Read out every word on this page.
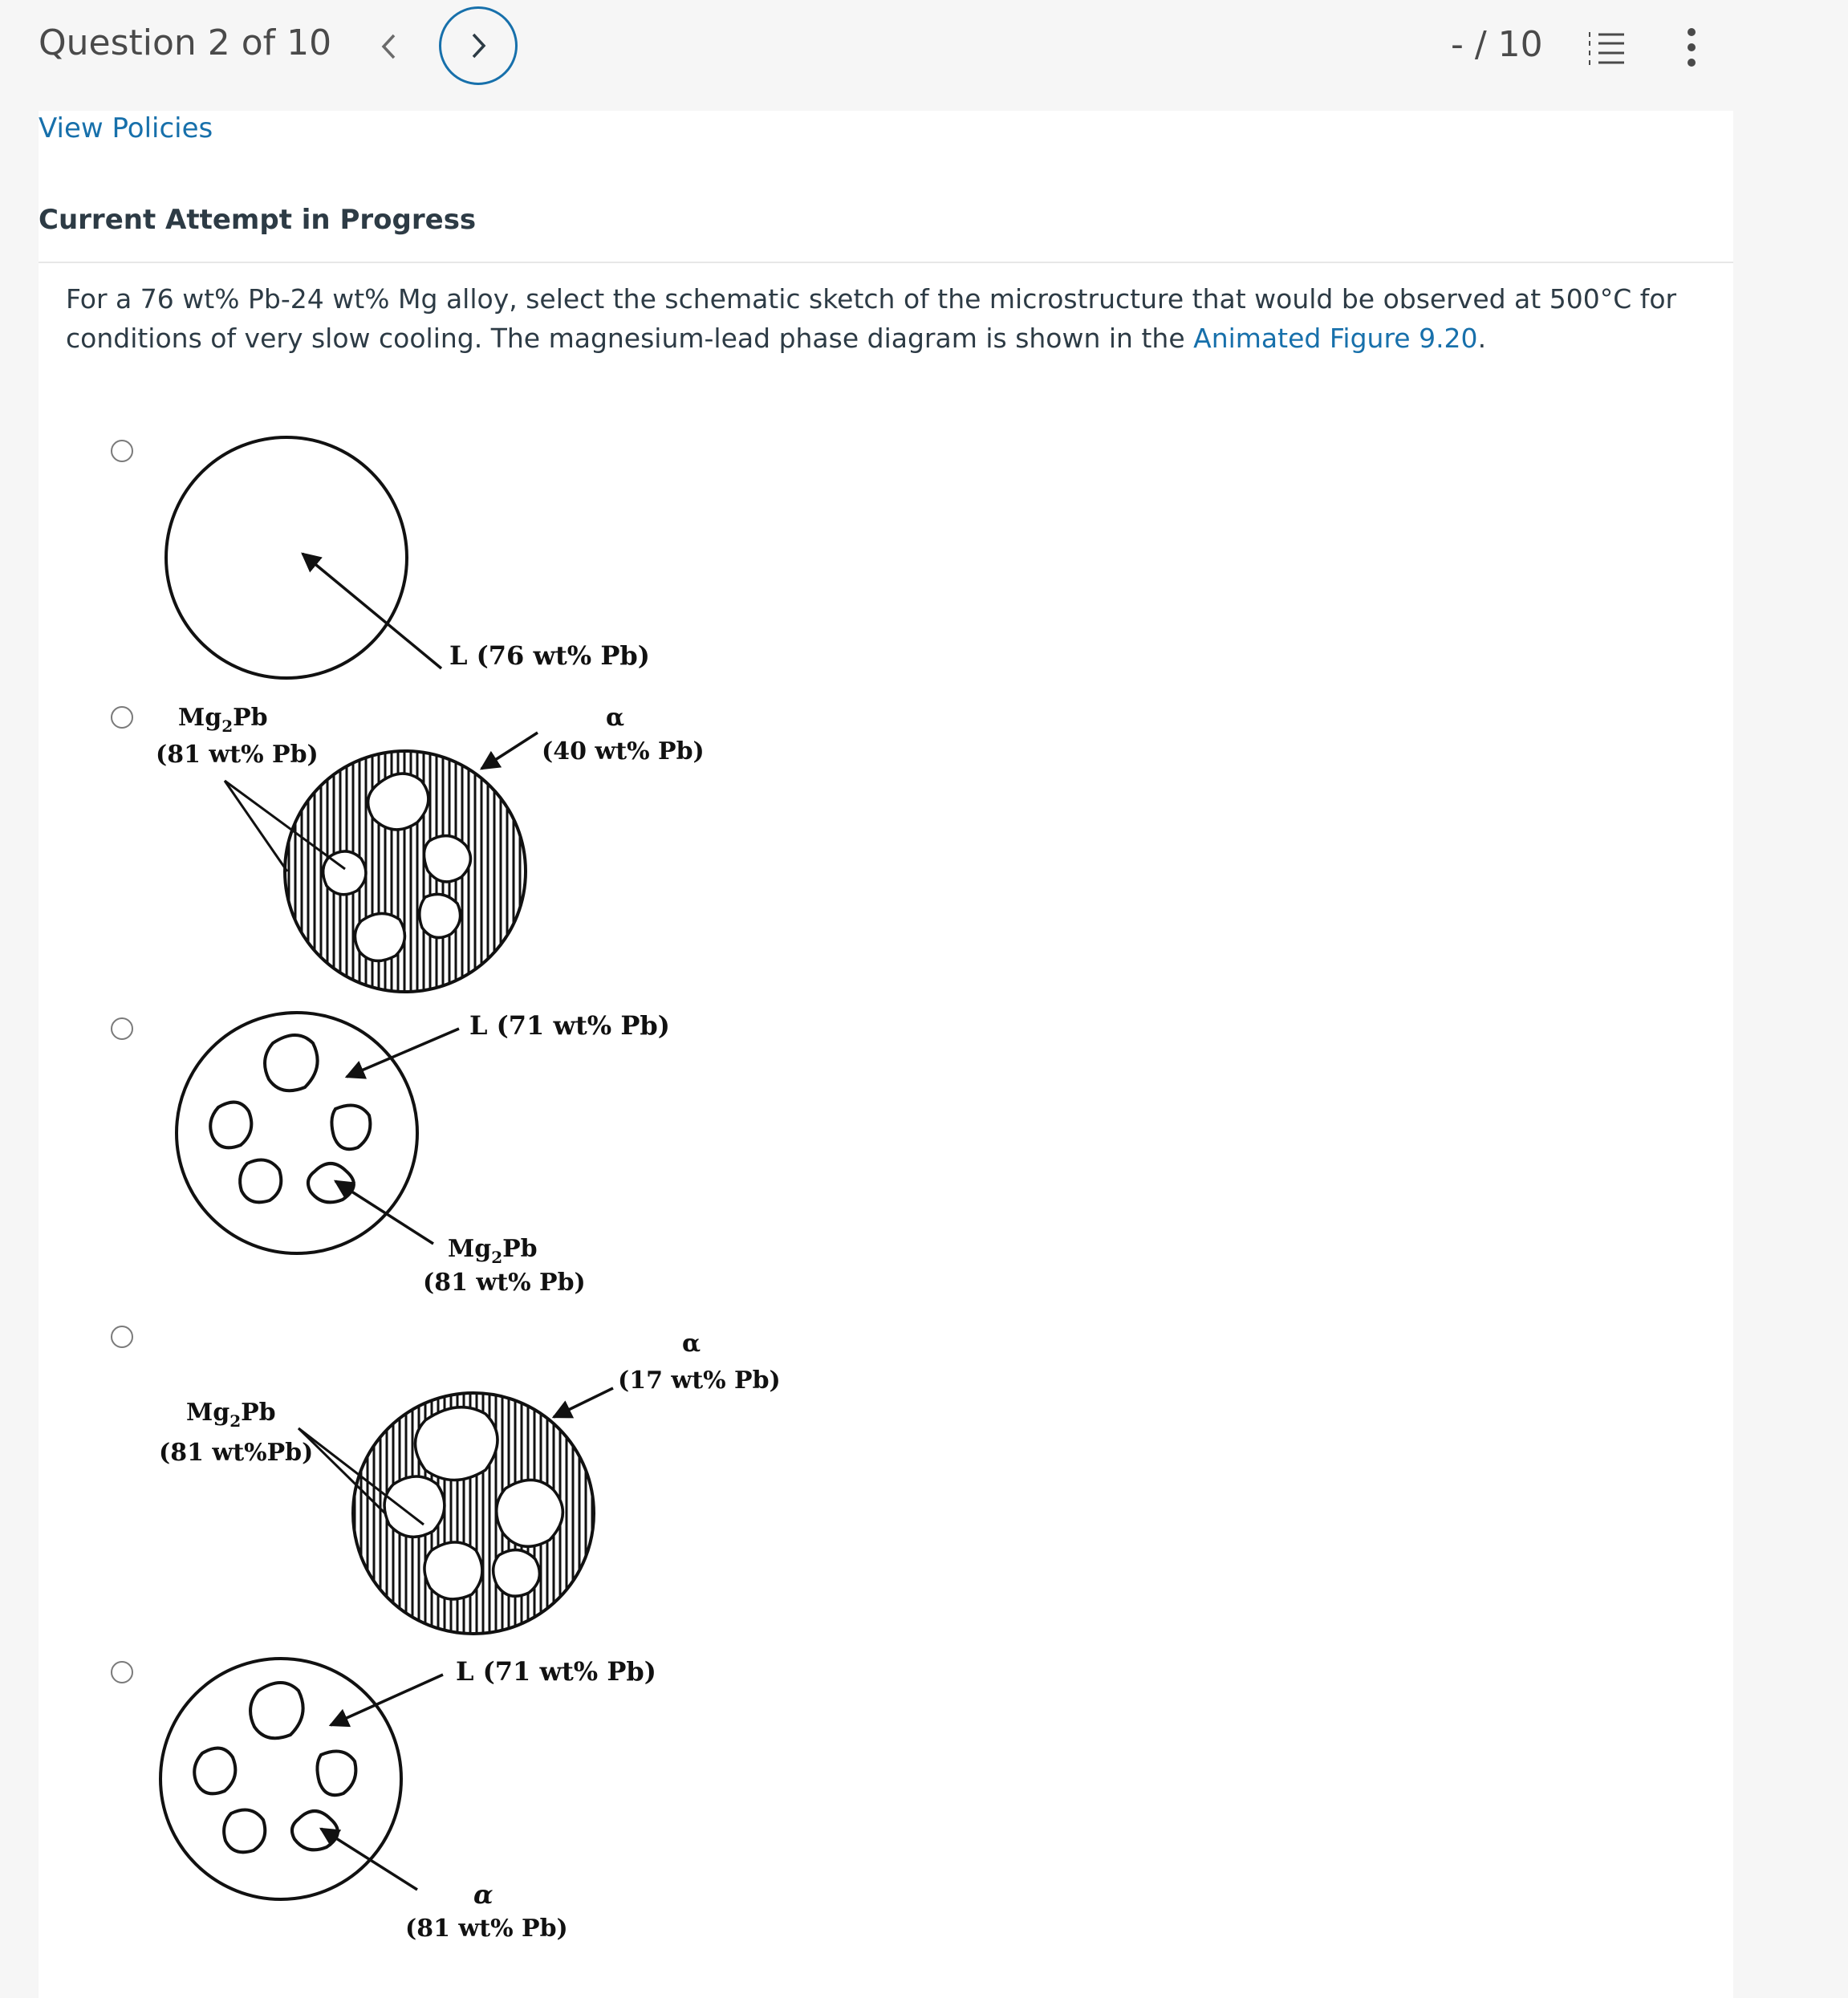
Question 2 of 10	- / 10
View Policies
Current Attempt in Progress
For a 76 wt% Pb-24 wt% Mg alloy, select the schematic sketch of the microstructure that would be observed at 500°C for conditions of very slow cooling. The magnesium-lead phase diagram is shown in the Animated Figure 9.20.
L (76 wt% Pb)
$Mg_2Pb$
(81 wt% Pb)
α
(40 wt% Pb)
L (71 wt% Pb)
$Mg_2Pb$
(81 wt% Pb)
α
(17 wt% Pb)
$Mg_2Pb$
(81 wt%Pb)
L (71 wt% Pb)
α
(81 wt% Pb)
